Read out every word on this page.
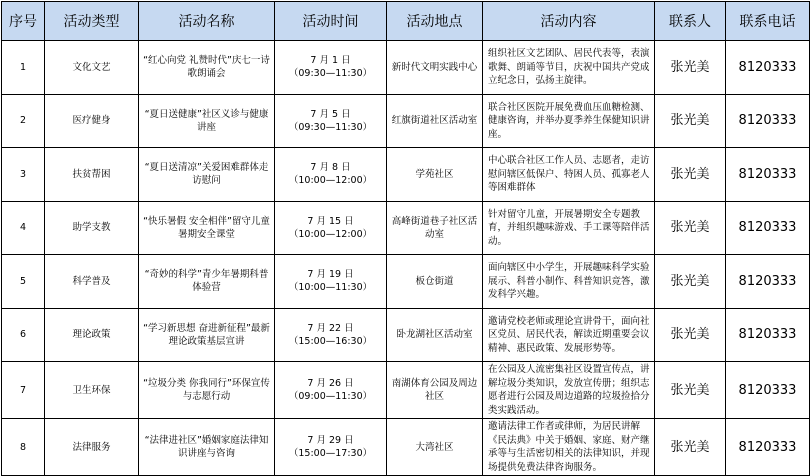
序号	活动类型	活动名称	活动时间	活动地点	活动内容	联系人	联系电话
1	文化文艺	“红心向党 礼赞时代”庆七一诗歌朗诵会	7 月 1 日
（09:30—11:30）	新时代文明实践中心	组织社区文艺团队、居民代表等，表演歌舞、朗诵等节目，庆祝中国共产党成立纪念日，弘扬主旋律。	张光美	8120333
2	医疗健身	“夏日送健康”社区义诊与健康讲座	7 月 5 日
（09:30—11:30）	红旗街道社区活动室	联合社区医院开展免费血压血糖检测、健康咨询，并举办夏季养生保健知识讲座。	张光美	8120333
3	扶贫帮困	“夏日送清凉”关爱困难群体走访慰问	7 月 8 日
（10:00—12:00）	学苑社区	中心联合社区工作人员、志愿者，走访慰问辖区低保户、特困人员、孤寡老人等困难群体	张光美	8120333
4	助学支教	“快乐暑假 安全相伴”留守儿童暑期安全课堂	7 月 15 日
（10:00—12:00）	高峰街道巷子社区活动室	针对留守儿童，开展暑期安全专题教育，并组织趣味游戏、手工课等陪伴活动。	张光美	8120333
5	科学普及	“奇妙的科学”青少年暑期科普体验营	7 月 19 日
（10:00—11:30）	板仓街道	面向辖区中小学生，开展趣味科学实验展示、科普小制作、科普知识竞答，激发科学兴趣。	张光美	8120333
6	理论政策	“学习新思想 奋进新征程”最新理论政策基层宣讲	7 月 22 日
（15:00—16:30）	卧龙湖社区活动室	邀请党校老师或理论宣讲骨干，面向社区党员、居民代表，解读近期重要会议精神、惠民政策、发展形势等。	张光美	8120333
7	卫生环保	“垃圾分类 你我同行”环保宣传与志愿行动	7 月 26 日
（09:00—11:30）	南湖体育公园及周边社区	在公园及人流密集社区设置宣传点，讲解垃圾分类知识，发放宣传册；组织志愿者进行公园及周边道路的垃圾捡拾分类实践活动。	张光美	8120333
8	法律服务	“法律进社区”婚姻家庭法律知识讲座与咨询	7 月 29 日
（15:00—17:30）	大湾社区	邀请法律工作者或律师，为居民讲解《民法典》中关于婚姻、家庭、财产继承等与生活密切相关的法律知识，并现场提供免费法律咨询服务。	张光美	8120333
